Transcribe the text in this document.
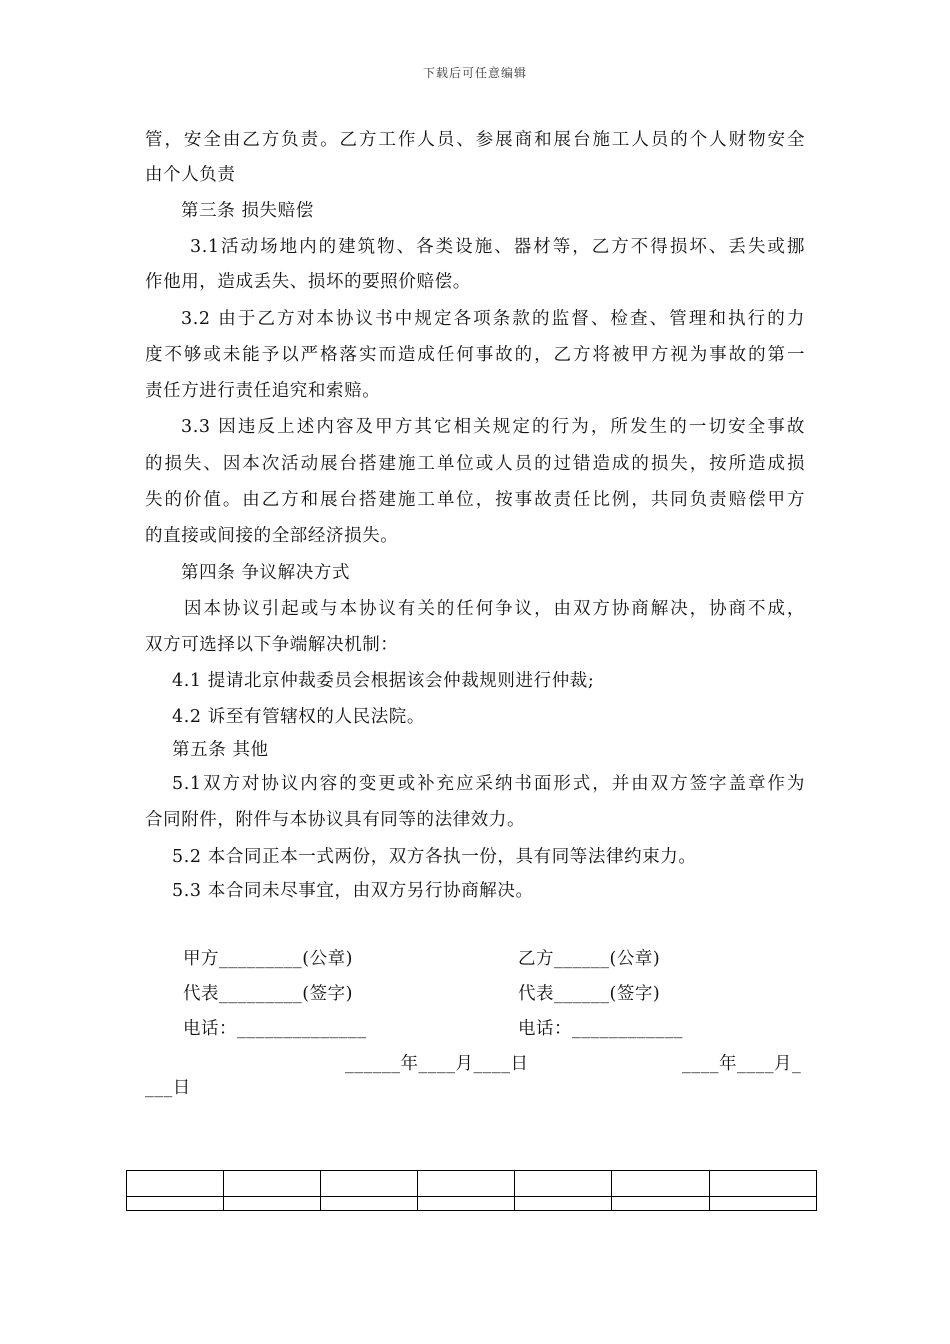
下载后可任意编辑
管，安全由乙方负责。乙方工作人员、参展商和展台施工人员的个人财物安全
由个人负责
第三条 损失赔偿
3.1活动场地内的建筑物、各类设施、器材等，乙方不得损坏、丢失或挪
作他用，造成丢失、损坏的要照价赔偿。
3.2 由于乙方对本协议书中规定各项条款的监督、检查、管理和执行的力
度不够或未能予以严格落实而造成任何事故的，乙方将被甲方视为事故的第一
责任方进行责任追究和索赔。
3.3 因违反上述内容及甲方其它相关规定的行为，所发生的一切安全事故
的损失、因本次活动展台搭建施工单位或人员的过错造成的损失，按所造成损
失的价值。由乙方和展台搭建施工单位，按事故责任比例，共同负责赔偿甲方
的直接或间接的全部经济损失。
第四条 争议解决方式
因本协议引起或与本协议有关的任何争议，由双方协商解决，协商不成，
双方可选择以下争端解决机制：
4.1 提请北京仲裁委员会根据该会仲裁规则进行仲裁;
4.2 诉至有管辖权的人民法院。
第五条 其他
5.1双方对协议内容的变更或补充应采纳书面形式，并由双方签字盖章作为
合同附件，附件与本协议具有同等的法律效力。
5.2 本合同正本一式两份，双方各执一份，具有同等法律约束力。
5.3 本合同未尽事宜，由双方另行协商解决。
甲方_________(公章)	乙方______(公章)
代表_________(签字)	代表______(签字)
电话：______________	电话：____________
______年____月____日	____年____月_
___日
